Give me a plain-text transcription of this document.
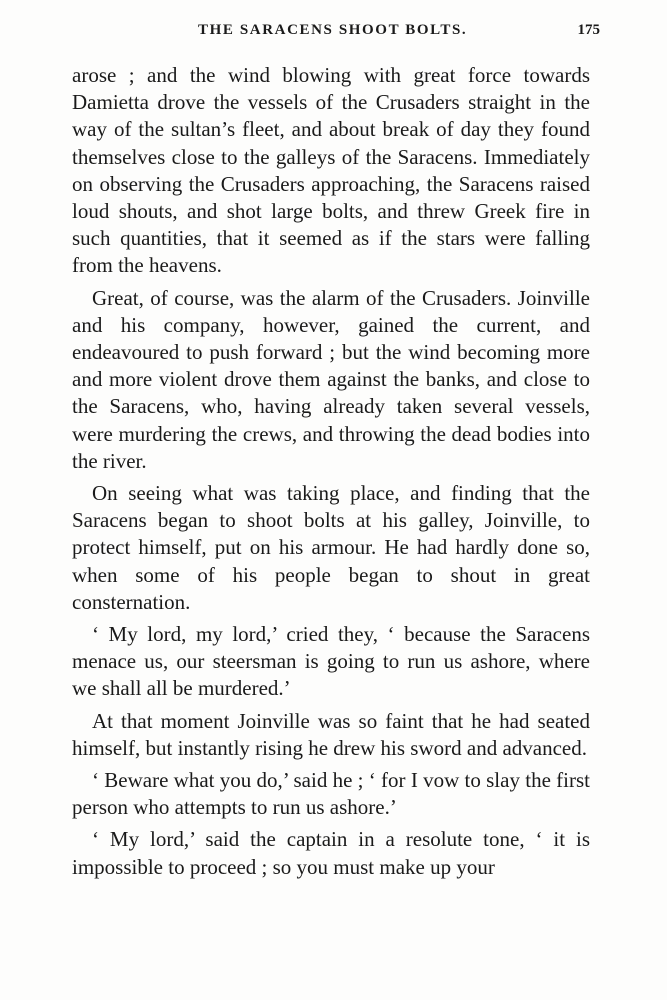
THE SARACENS SHOOT BOLTS.	175

arose ; and the wind blowing with great force towards Damietta drove the vessels of the Crusaders straight in the way of the sultan’s fleet, and about break of day they found themselves close to the galleys of the Saracens. Immediately on observing the Crusaders approaching, the Saracens raised loud shouts, and shot large bolts, and threw Greek fire in such quantities, that it seemed as if the stars were falling from the heavens.

Great, of course, was the alarm of the Crusaders. Joinville and his company, however, gained the current, and endeavoured to push forward ; but the wind becoming more and more violent drove them against the banks, and close to the Saracens, who, having already taken several vessels, were murdering the crews, and throwing the dead bodies into the river.

On seeing what was taking place, and finding that the Saracens began to shoot bolts at his galley, Joinville, to protect himself, put on his armour. He had hardly done so, when some of his people began to shout in great consternation.

‘ My lord, my lord,’ cried they, ‘ because the Saracens menace us, our steersman is going to run us ashore, where we shall all be murdered.’

At that moment Joinville was so faint that he had seated himself, but instantly rising he drew his sword and advanced.

‘ Beware what you do,’ said he ; ‘ for I vow to slay the first person who attempts to run us ashore.’

‘ My lord,’ said the captain in a resolute tone, ‘ it is impossible to proceed ; so you must make up your
